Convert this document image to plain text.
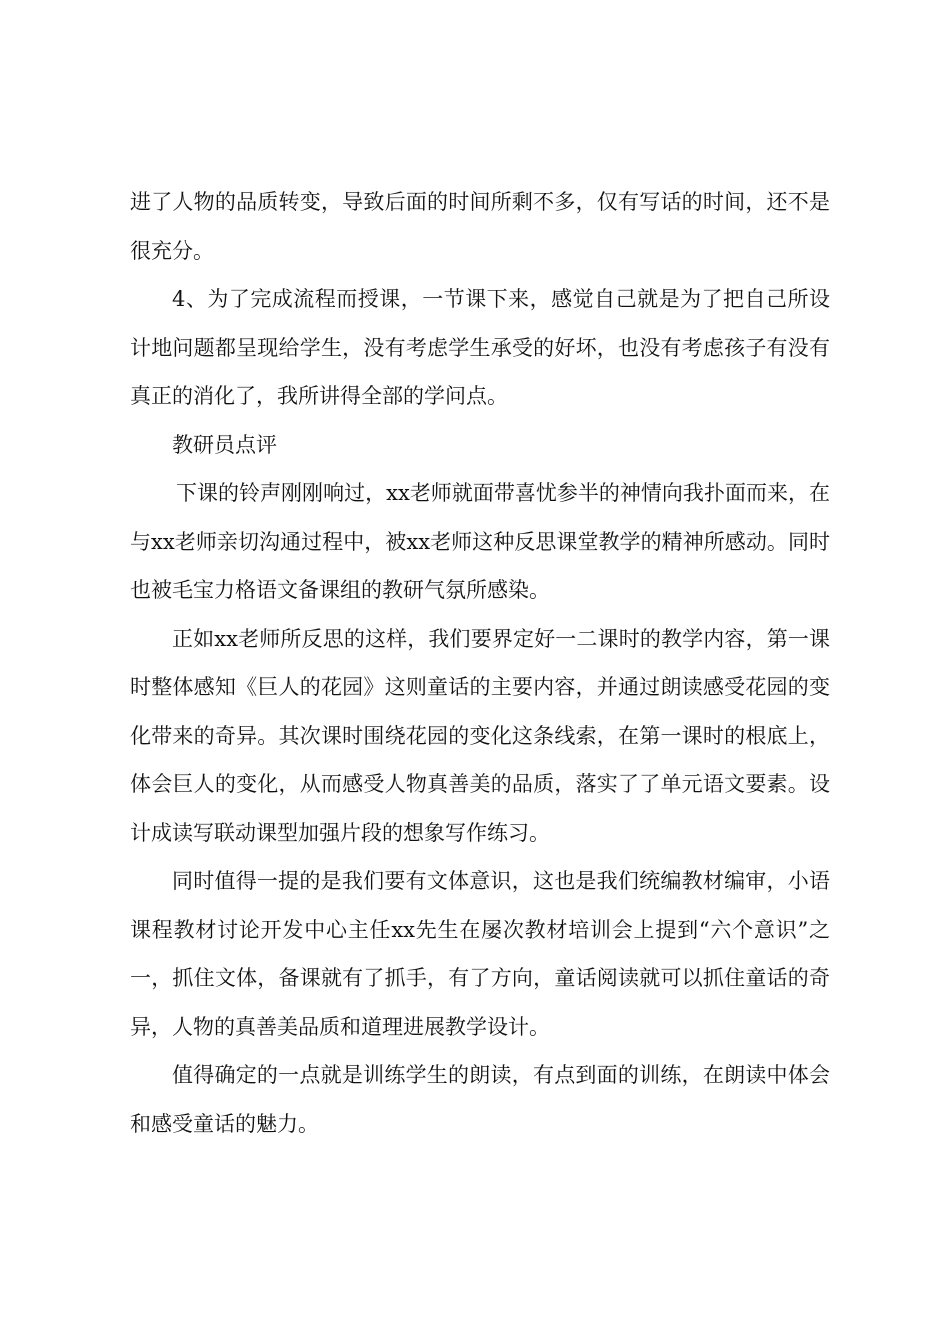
进了人物的品质转变，导致后面的时间所剩不多，仅有写话的时间，还不是很充分。

4、为了完成流程而授课，一节课下来，感觉自己就是为了把自己所设计地问题都呈现给学生，没有考虑学生承受的好坏，也没有考虑孩子有没有真正的消化了，我所讲得全部的学问点。

教研员点评

下课的铃声刚刚响过，xx老师就面带喜忧参半的神情向我扑面而来，在与xx老师亲切沟通过程中，被xx老师这种反思课堂教学的精神所感动。同时也被毛宝力格语文备课组的教研气氛所感染。

正如xx老师所反思的这样，我们要界定好一二课时的教学内容，第一课时整体感知《巨人的花园》这则童话的主要内容，并通过朗读感受花园的变化带来的奇异。其次课时围绕花园的变化这条线索，在第一课时的根底上，体会巨人的变化，从而感受人物真善美的品质，落实了了单元语文要素。设计成读写联动课型加强片段的想象写作练习。

同时值得一提的是我们要有文体意识，这也是我们统编教材编审，小语课程教材讨论开发中心主任xx先生在屡次教材培训会上提到“六个意识”之一，抓住文体，备课就有了抓手，有了方向，童话阅读就可以抓住童话的奇异，人物的真善美品质和道理进展教学设计。

值得确定的一点就是训练学生的朗读，有点到面的训练，在朗读中体会和感受童话的魅力。
